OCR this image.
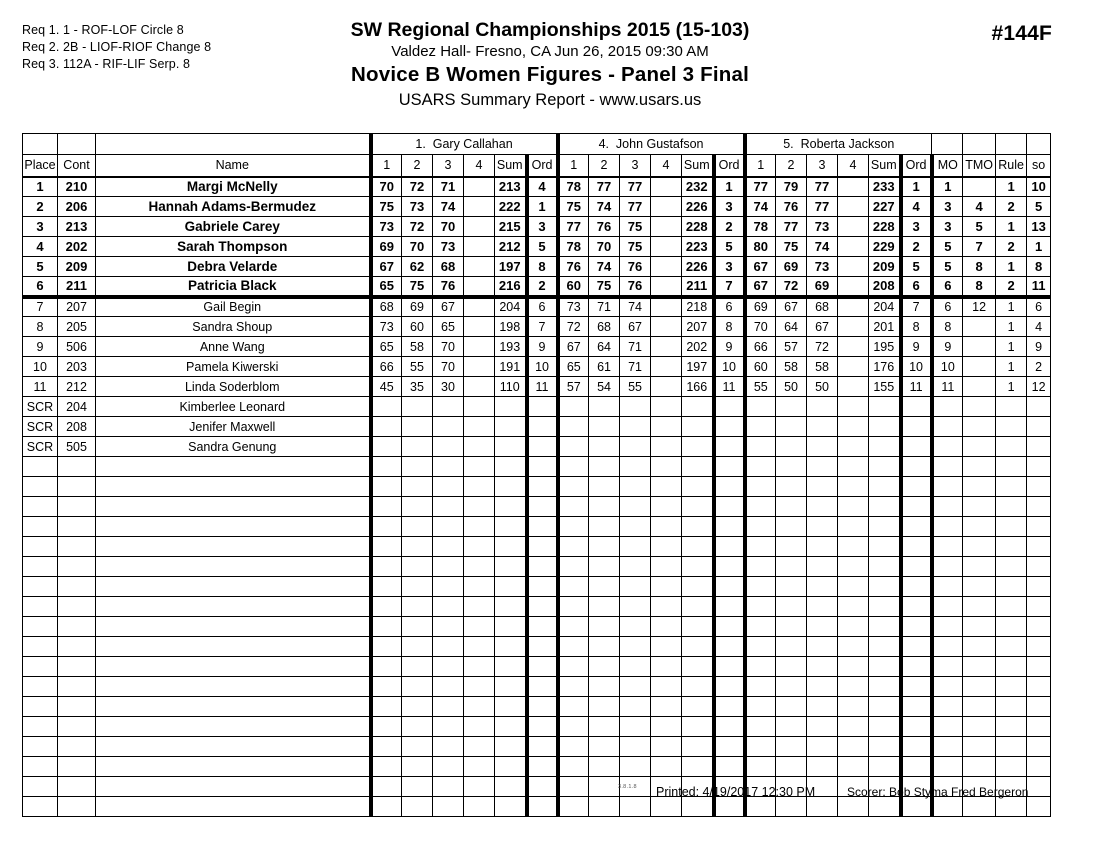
Req 1. 1 - ROF-LOF Circle 8
Req 2. 2B - LIOF-RIOF Change 8
Req 3. 112A - RIF-LIF Serp. 8
SW Regional Championships 2015 (15-103)
Valdez Hall- Fresno, CA Jun 26, 2015 09:30 AM
Novice B Women Figures - Panel 3 Final
USARS Summary Report - www.usars.us
#144F
			1.  Gary Callahan						4.  John Gustafson						5.  Roberta Jackson									
Place	Cont	Name	1	2	3	4	Sum	Ord	1	2	3	4	Sum	Ord	1	2	3	4	Sum	Ord	MO	TMO	Rule	so
1	210	Margi McNelly	70	72	71		213	4	78	77	77		232	1	77	79	77		233	1	1		1	10
2	206	Hannah Adams-Bermudez	75	73	74		222	1	75	74	77		226	3	74	76	77		227	4	3	4	2	5
3	213	Gabriele Carey	73	72	70		215	3	77	76	75		228	2	78	77	73		228	3	3	5	1	13
4	202	Sarah Thompson	69	70	73		212	5	78	70	75		223	5	80	75	74		229	2	5	7	2	1
5	209	Debra Velarde	67	62	68		197	8	76	74	76		226	3	67	69	73		209	5	5	8	1	8
6	211	Patricia Black	65	75	76		216	2	60	75	76		211	7	67	72	69		208	6	6	8	2	11
7	207	Gail Begin	68	69	67		204	6	73	71	74		218	6	69	67	68		204	7	6	12	1	6
8	205	Sandra Shoup	73	60	65		198	7	72	68	67		207	8	70	64	67		201	8	8		1	4
9	506	Anne Wang	65	58	70		193	9	67	64	71		202	9	66	57	72		195	9	9		1	9
10	203	Pamela Kiwerski	66	55	70		191	10	65	61	71		197	10	60	58	58		176	10	10		1	2
11	212	Linda Soderblom	45	35	30		110	11	57	54	55		166	11	55	50	50		155	11	11		1	12
SCR	204	Kimberlee Leonard																						
SCR	208	Jenifer Maxwell																						
SCR	505	Sandra Genung																						

3.8.1.8 Printed: 4/19/2017 12:30 PM	Scorer: Bob Styma Fred Bergeron
